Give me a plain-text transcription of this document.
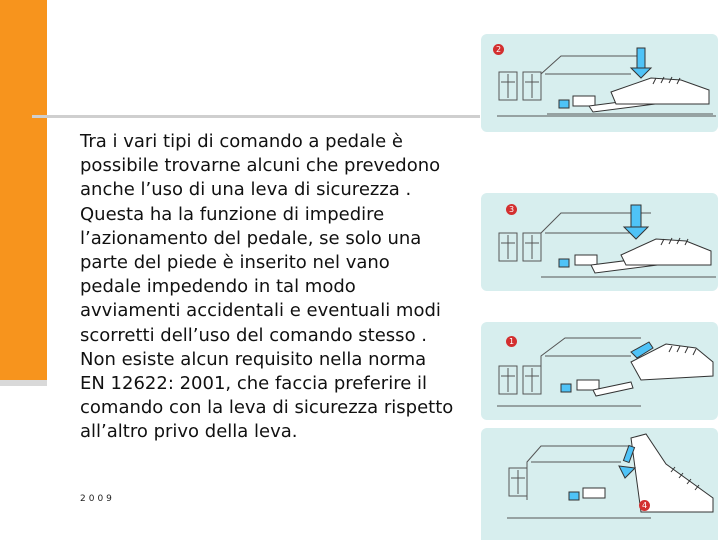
Tra i vari tipi di comando a pedale è possibile trovarne alcuni che prevedono anche l’uso di una leva di sicurezza . Questa ha la funzione di impedire l’azionamento del pedale, se solo una parte del piede è inserito nel vano pedale impedendo in tal modo avviamenti accidentali e eventuali modi scorretti dell’uso del comando stesso .

Non esiste alcun requisito nella norma EN 12622: 2001, che faccia preferire il comando con la leva di sicurezza rispetto all’altro privo della leva.

2009
2
3
1
4
